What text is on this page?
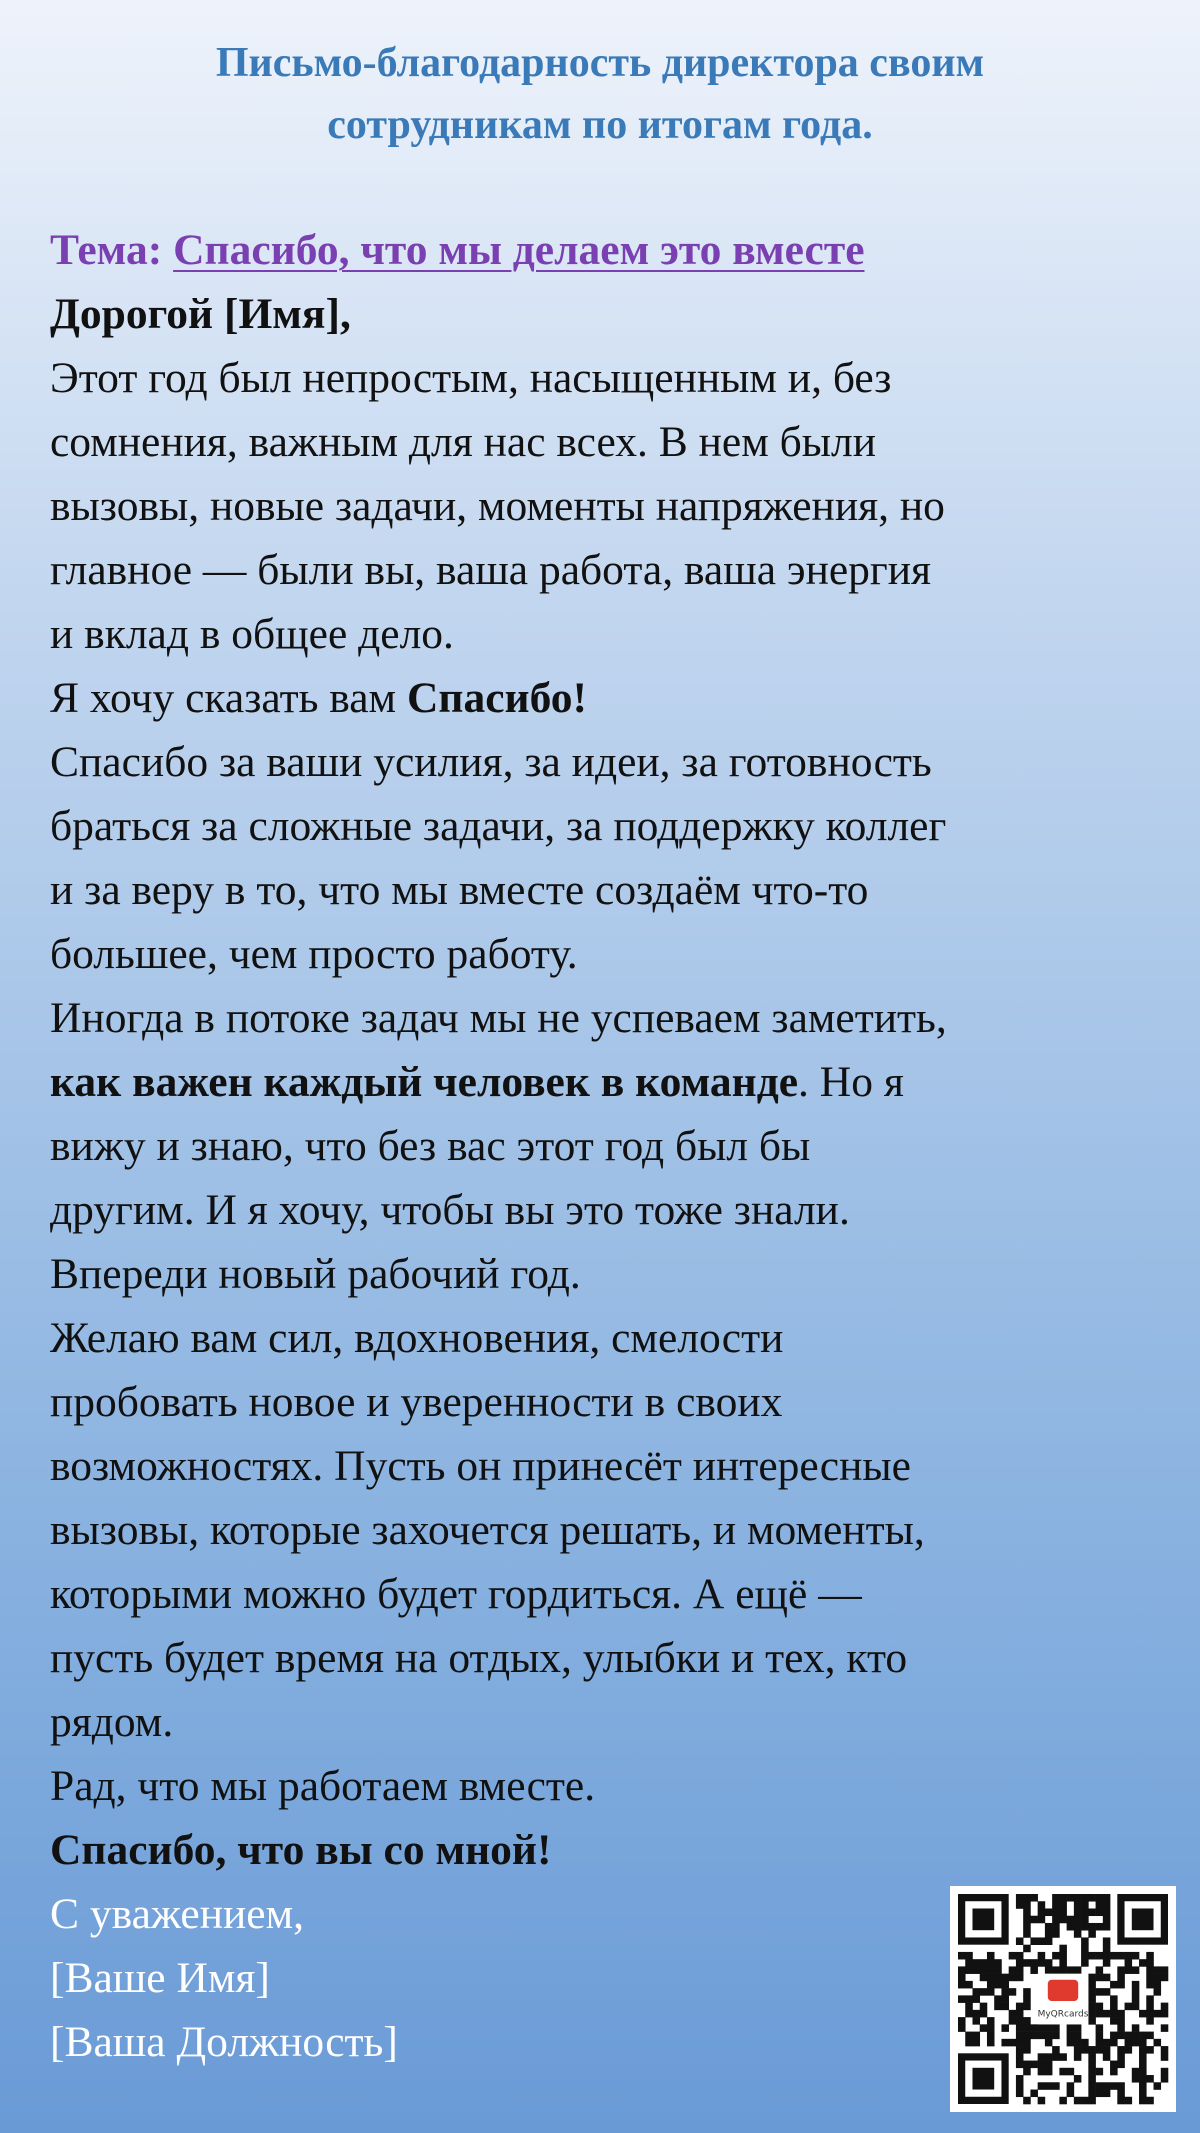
Письмо-благодарность директора своим
сотрудникам по итогам года.
Тема: Спасибо, что мы делаем это вместе
Дорогой [Имя],
Этот год был непростым, насыщенным и, без
сомнения, важным для нас всех. В нем были
вызовы, новые задачи, моменты напряжения, но
главное — были вы, ваша работа, ваша энергия
и вклад в общее дело.
Я хочу сказать вам Спасибо!
Спасибо за ваши усилия, за идеи, за готовность
браться за сложные задачи, за поддержку коллег
и за веру в то, что мы вместе создаём что-то
большее, чем просто работу.
Иногда в потоке задач мы не успеваем заметить,
как важен каждый человек в команде. Но я
вижу и знаю, что без вас этот год был бы
другим. И я хочу, чтобы вы это тоже знали.
Впереди новый рабочий год.
Желаю вам сил, вдохновения, смелости
пробовать новое и уверенности в своих
возможностях. Пусть он принесёт интересные
вызовы, которые захочется решать, и моменты,
которыми можно будет гордиться. А ещё —
пусть будет время на отдых, улыбки и тех, кто
рядом.
Рад, что мы работаем вместе.
Спасибо, что вы со мной!
С уважением,
[Ваше Имя]
[Ваша Должность]
MyQRcards
